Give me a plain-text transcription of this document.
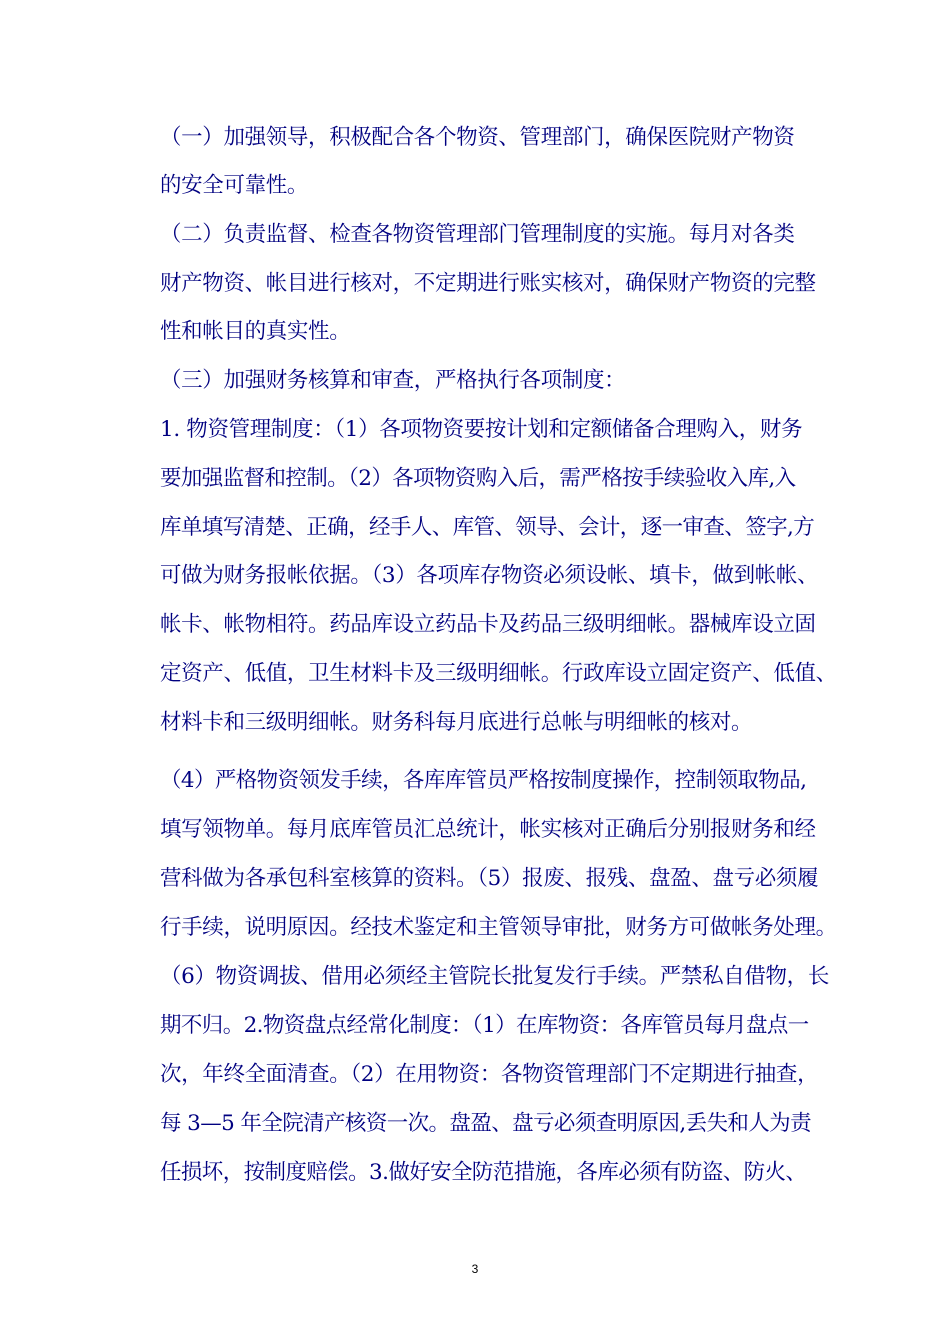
（一）加强领导，积极配合各个物资、管理部门，确保医院财产物资
的安全可靠性。
（二）负责监督、检查各物资管理部门管理制度的实施。每月对各类
财产物资、帐目进行核对，不定期进行账实核对，确保财产物资的完整
性和帐目的真实性。
（三）加强财务核算和审查，严格执行各项制度：
1. 物资管理制度：（1）各项物资要按计划和定额储备合理购入，财务
要加强监督和控制。（2）各项物资购入后，需严格按手续验收入库,入
库单填写清楚、正确，经手人、库管、领导、会计，逐一审查、签字,方
可做为财务报帐依据。（3）各项库存物资必须设帐、填卡，做到帐帐、
帐卡、帐物相符。药品库设立药品卡及药品三级明细帐。器械库设立固
定资产、低值，卫生材料卡及三级明细帐。行政库设立固定资产、低值、
材料卡和三级明细帐。财务科每月底进行总帐与明细帐的核对。
（4）严格物资领发手续，各库库管员严格按制度操作，控制领取物品,
填写领物单。每月底库管员汇总统计，帐实核对正确后分别报财务和经
营科做为各承包科室核算的资料。（5）报废、报残、盘盈、盘亏必须履
行手续，说明原因。经技术鉴定和主管领导审批，财务方可做帐务处理。
（6）物资调拔、借用必须经主管院长批复发行手续。严禁私自借物，长
期不归。2.物资盘点经常化制度：（1）在库物资：各库管员每月盘点一
次，年终全面清查。（2）在用物资：各物资管理部门不定期进行抽查，
每 3—5 年全院清产核资一次。盘盈、盘亏必须查明原因,丢失和人为责
任损坏，按制度赔偿。3.做好安全防范措施，各库必须有防盗、防火、
3
